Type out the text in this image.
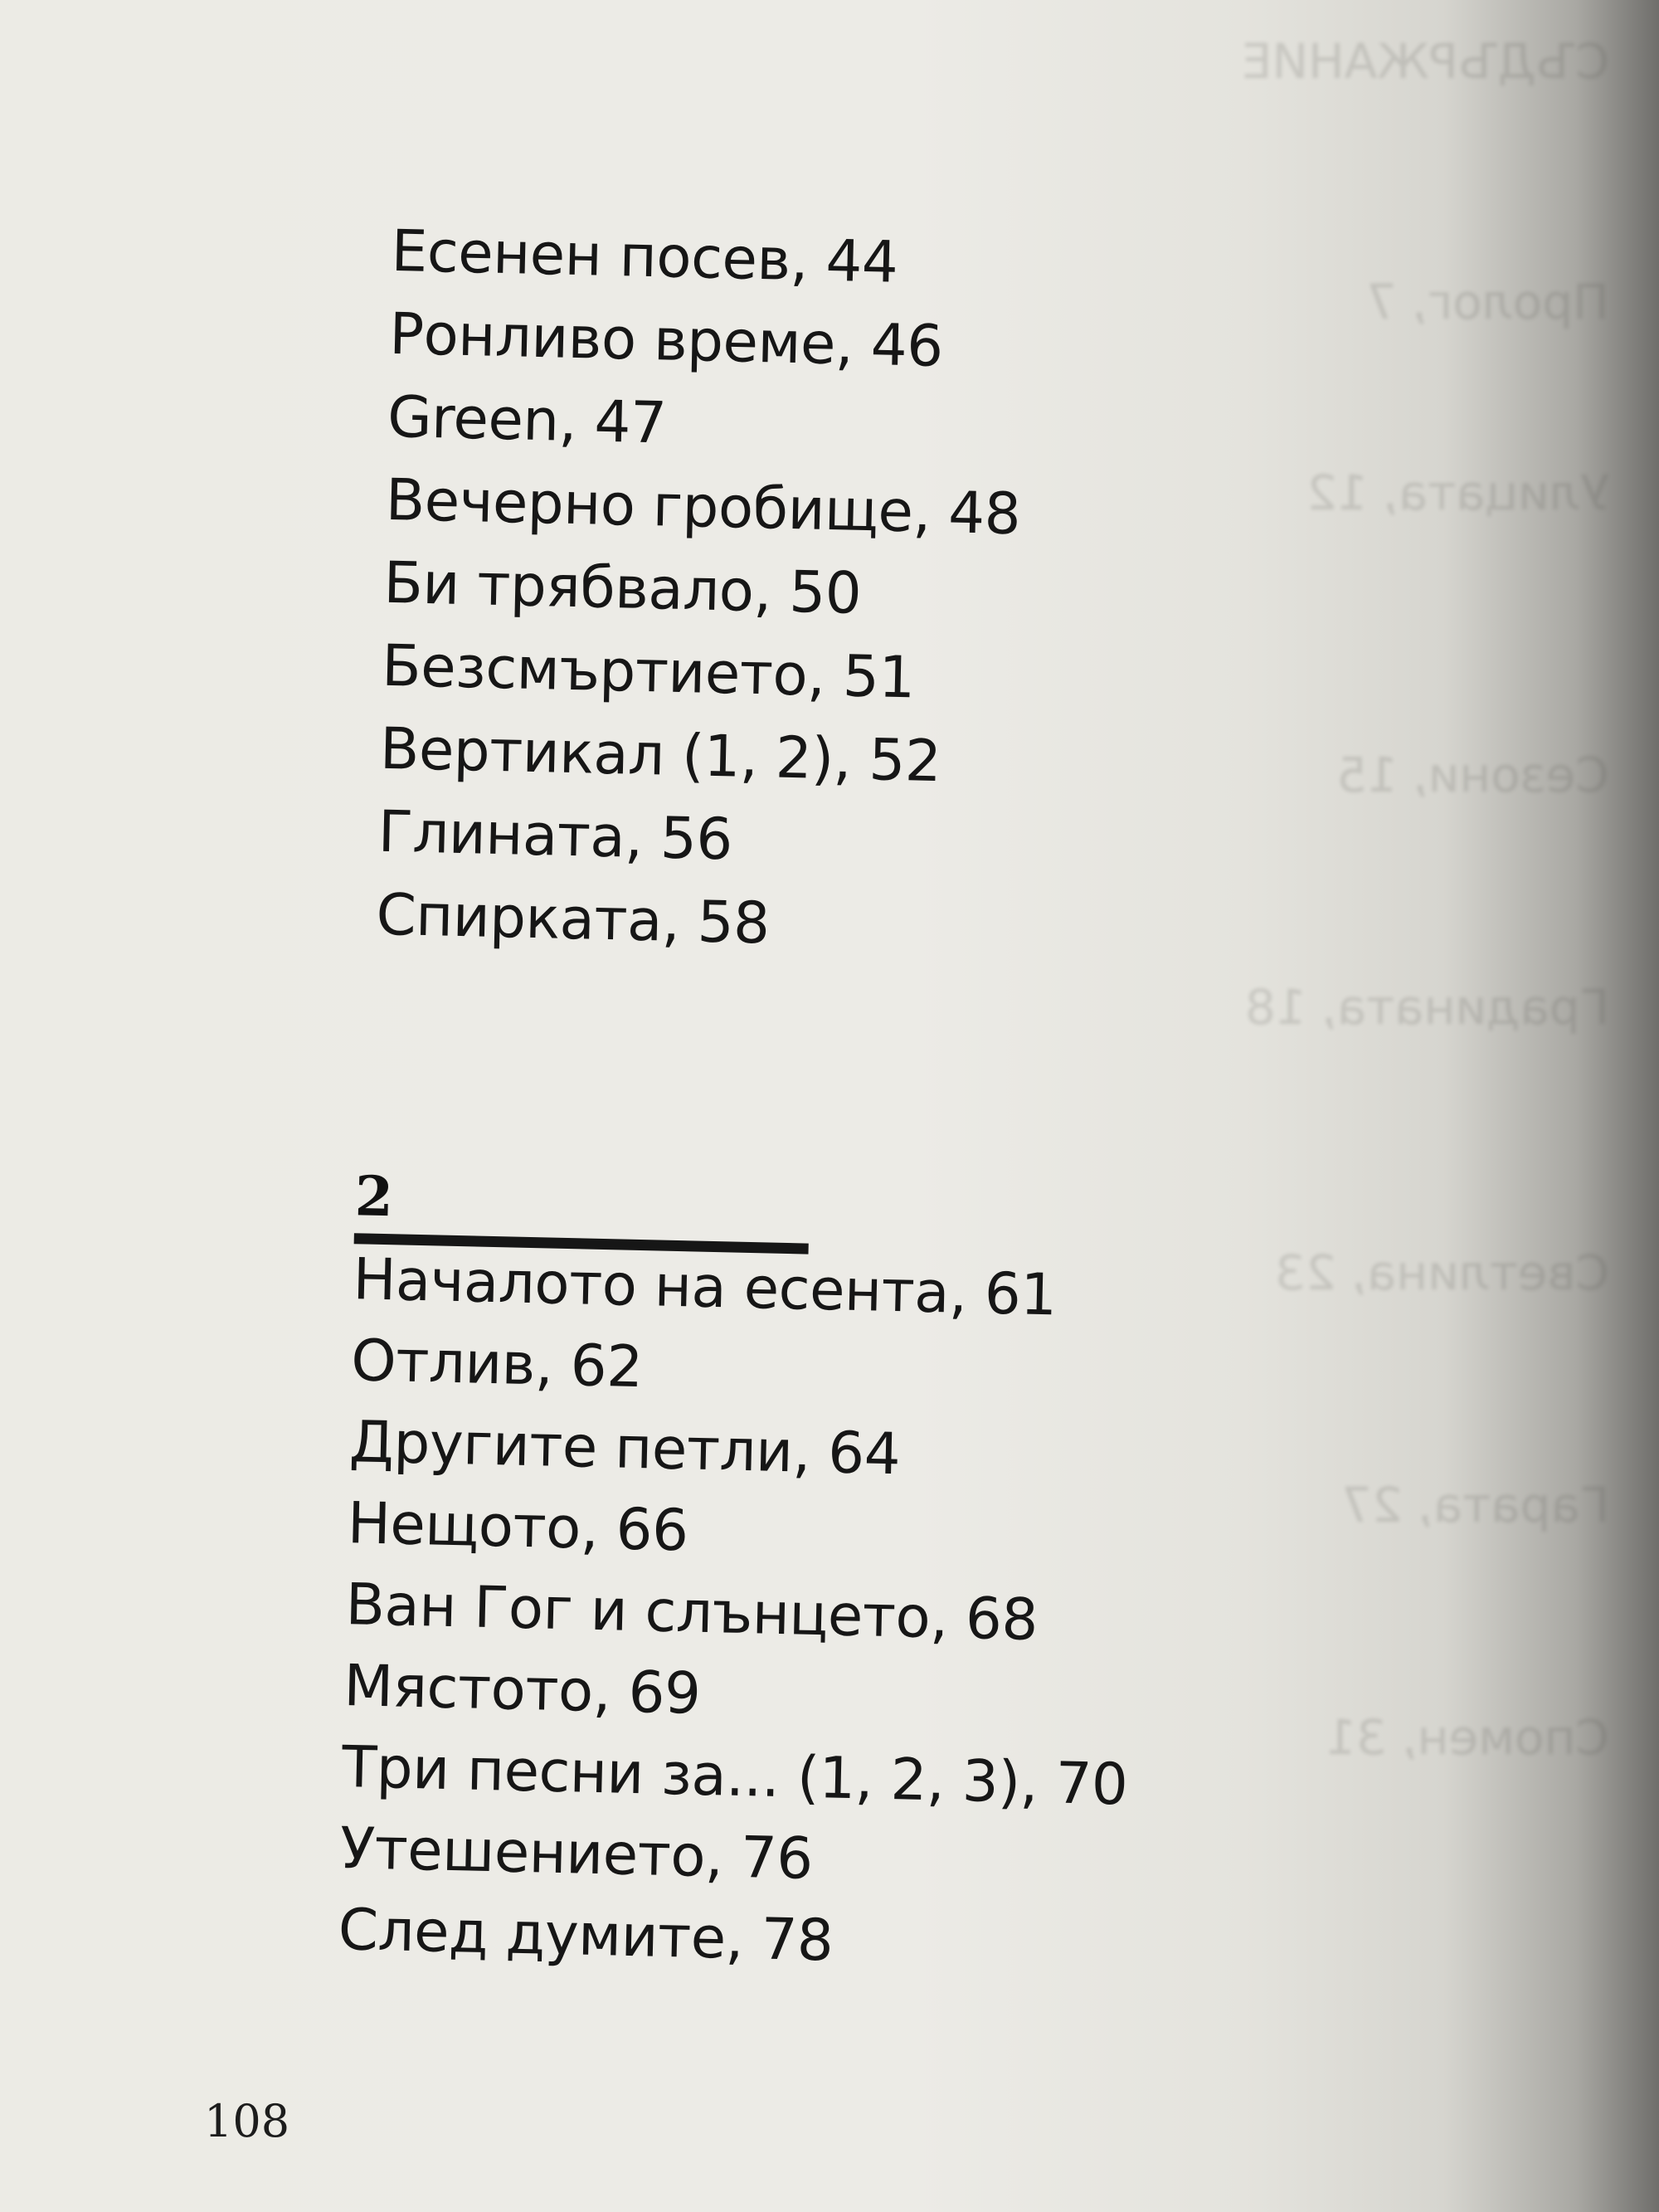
СЪДЪРЖАНИЕ
Пролог, 7
Улицата, 12
Сезони, 15
Градината, 18
Светлина, 23
Гарата, 27
Спомен, 31
Есенен посев, 44
Ронливо време, 46
Green, 47
Вечерно гробище, 48
Би трябвало, 50
Безсмъртието, 51
Вертикал (1, 2), 52
Глината, 56
Спирката, 58
2
Началото на есента, 61
Отлив, 62
Другите петли, 64
Нещото, 66
Ван Гог и слънцето, 68
Мястото, 69
Три песни за... (1, 2, 3), 70
Утешението, 76
След думите, 78
108
